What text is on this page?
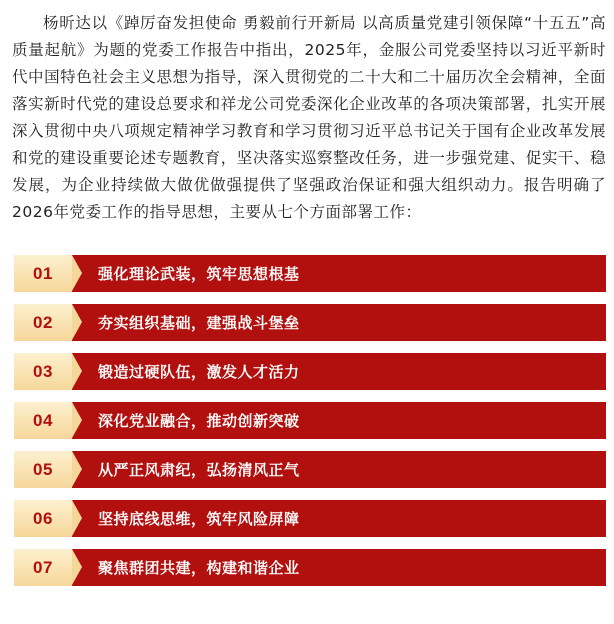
杨昕达以《踔厉奋发担使命 勇毅前行开新局 以高质量党建引领保障“十五五”高质量起航》为题的党委工作报告中指出，2025年，金服公司党委坚持以习近平新时代中国特色社会主义思想为指导，深入贯彻党的二十大和二十届历次全会精神，全面落实新时代党的建设总要求和祥龙公司党委深化企业改革的各项决策部署，扎实开展深入贯彻中央八项规定精神学习教育和学习贯彻习近平总书记关于国有企业改革发展和党的建设重要论述专题教育，坚决落实巡察整改任务，进一步强党建、促实干、稳发展，为企业持续做大做优做强提供了坚强政治保证和强大组织动力。报告明确了2026年党委工作的指导思想，主要从七个方面部署工作：

01	强化理论武装，筑牢思想根基
02	夯实组织基础，建强战斗堡垒
03	锻造过硬队伍，激发人才活力
04	深化党业融合，推动创新突破
05	从严正风肃纪，弘扬清风正气
06	坚持底线思维，筑牢风险屏障
07	聚焦群团共建，构建和谐企业
